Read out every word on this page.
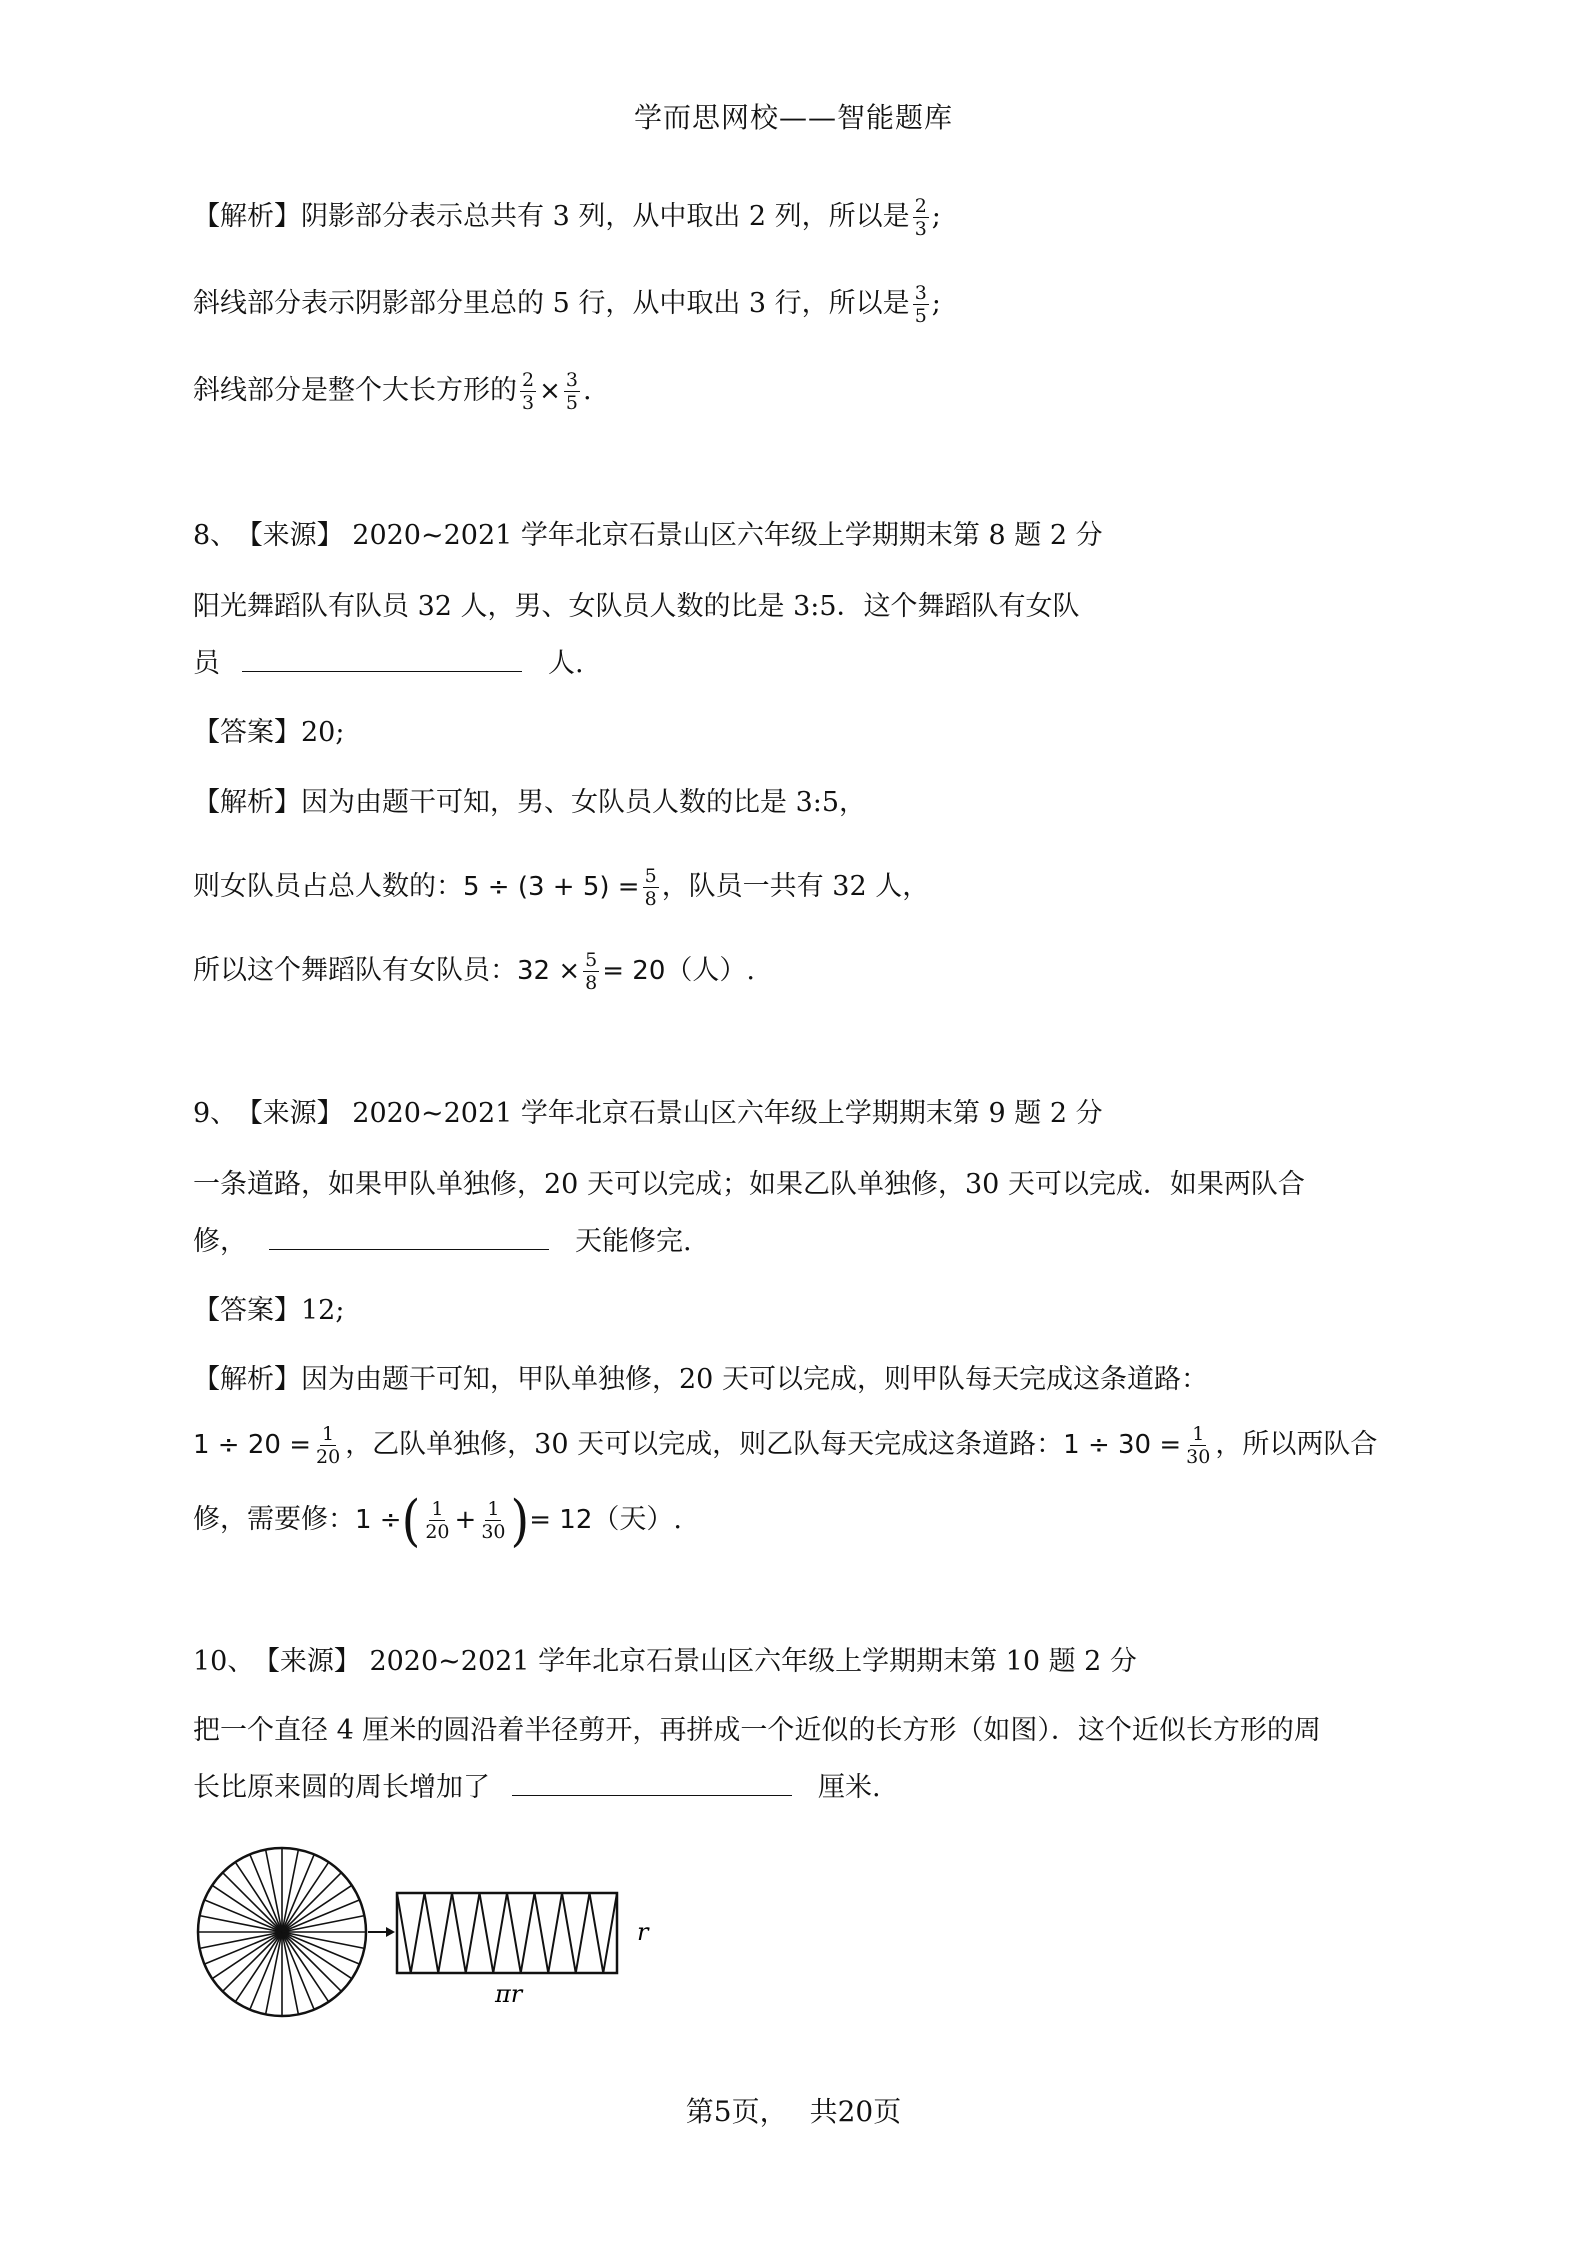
学而思网校——智能题库
【解析】阴影部分表示总共有 3 列，从中取出 2 列，所以是 $\frac{2}{3}$ ;
斜线部分表示阴影部分里总的 5 行，从中取出 3 行，所以是 $\frac{3}{5}$ ;
斜线部分是整个大长方形的 $\frac{2}{3} \times \frac{3}{5}$ .
8、 【来源】 2020~2021 学年北京石景山区六年级上学期期末第 8 题 2 分
阳光舞蹈队有队员 32 人，男、女队员人数的比是 3:5．这个舞蹈队有女队
员	人.
【答案】20;
【解析】因为由题干可知，男、女队员人数的比是 3:5，
则女队员占总人数的：$5 \div (3 + 5) = \frac{5}{8}$ ，队员一共有 32 人，
所以这个舞蹈队有女队员：$32 \times \frac{5}{8} = 20$（人）.
9、 【来源】 2020~2021 学年北京石景山区六年级上学期期末第 9 题 2 分
一条道路，如果甲队单独修，20 天可以完成；如果乙队单独修，30 天可以完成．如果两队合
修，	天能修完.
【答案】12;
【解析】因为由题干可知，甲队单独修，20 天可以完成，则甲队每天完成这条道路：
$1 \div 20 = \frac{1}{20}$ ，乙队单独修，30 天可以完成，则乙队每天完成这条道路：$1 \div 30 = \frac{1}{30}$ ，所以两队合
修，需要修：1 ÷( $\frac{1}{20} + \frac{1}{30}$ )= 12（天）.
10、 【来源】 2020~2021 学年北京石景山区六年级上学期期末第 10 题 2 分
把一个直径 4 厘米的圆沿着半径剪开，再拼成一个近似的长方形（如图）．这个近似长方形的周
长比原来圆的周长增加了	厘米.
r
πr
第5页， 共20页
